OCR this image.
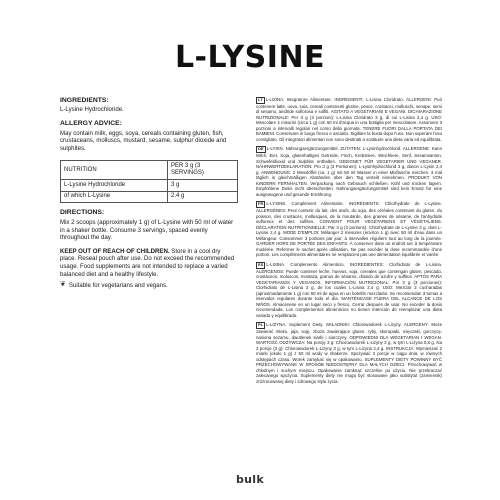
L-LYSINE
INGREDIENTS:

L-Lysine Hydrochloride.

ALLERGY ADVICE:

May contain milk, eggs, soya, cereals containing gluten, fish, crustaceans, molluscs, mustard, sesame, sulphur dioxide and sulphites.

NUTRITION	PER 3 g (3 SERVINGS)
L-Lysine Hydrochloride	3 g
of which L-Lysine	2.4 g
DIRECTIONS:

Mix 2 scoops (approximately 1 g) of L-Lysine with 50 ml of water in a shaker bottle. Consume 3 servings, spaced evenly throughout the day.

KEEP OUT OF REACH OF CHILDREN. Store in a cool dry place. Reseal pouch after use. Do not exceed the recommended usage. Food supplements are not intended to replace a varied balanced diet and a healthy lifestyle.

❦ Suitable for vegetarians and vegans.
LT L-LIZINA. Integratore Alimentare. INGREDIENTI: L-Lisina Cloridrato. ALLERGENI: Può contenere latte, uova, soia, cereali contenenti glutine, pesce, crostacei, molluschi, senape, semi di sesamo, anidride solforosa e solfiti. AGITATO A VEGETARIANI E VEGANI. DICHIARAZIONE NUTRIZIONALE: Per 3 g (3 porzioni): L-Lisina Cloridrato 3 g, di cui L-Lisina 2,4 g. USO: Mescolare 2 misurini (circa 1 g) con 50 ml d'acqua in una bottiglia per mescolatore. Assumere 3 porzioni a intervalli regolari nel corso della giornata. TENERE FUORI DALLA PORTATA DEI BAMBINI. Conservare in luogo fresco e asciutto. Sigillare la busta dopo l'uso. Non superare l'uso consigliato. Gli integratori alimentari non sono destinati a sostituire una dieta varia ed equilibrata.
DE L-LYSIN. Nahrungsergänzungsmittel. ZUTATEN: L-Lysinhydrochlorid. ALLERGENE: Kann Milch, Eier, Soja, glutenhaltiges Getreide, Fisch, Krebstiere, Weichtiere, Senf, Sesamsamen, Schwefeldioxid und Sulphite enthalten. GEEIGNET FÜR VEGETARIER UND VEGANER. NÄHRWERTDEKLARATION: Pro 3 g (3 Portionen): L-Lysinhydrochlorid 3 g, davon L-Lysin 2,4 g. ANWENDUNG: 2 Messlöffel (ca. 1 g) mit 50 ml Wasser in einer Mixflasche mischen. 3 mal täglich in gleichmäßigen Abständen über den Tag verteilt einnehmen. PRODUKT VON KINDERN FERNHALTEN. Verpackung nach Gebrauch schließen. Kühl und trocken lagern. Empfohlene Dosis nicht überschreiten. Nahrungsergänzungsmittel sind kein Ersatz für eine ausgewogene und gesunde Ernährung.
FR L-LYSINE. Complément Alimentaire. INGRÉDIENTS: Chlorhydrate de L-Lysine. ALLERGÈNES: Peut contenir du lait, des œufs, du soja, des céréales contenant du gluten, du poisson, des crustacés, mollusques, de la moutarde, des graines de sésame, de l'anhydride sulfureux et des sulfites. CONVIENT POUR VÉGÉTARIENS ET VÉGÉTALIENS. DÉCLARATION NUTRITIONNELLE: Par 3 g (3 portions): Chlorhydrate de L-Lysine 3 g, dont L-Lysine 2,4 g. MODE D'EMPLOI: Mélanger 2 mesures (environ 1 g) avec 50 ml d'eau dans un Mélangeur. Consommer 3 portions par jour, à intervalles réguliers tout au long de la journée. GARDER HORS DE PORTÉE DES ENFANTS. À conserver dans un endroit sec à température modérée. Refermer le sachet après utilisation. Ne pas excéder la dose recommandée d'une portion. Les compléments alimentaires ne remplacent pas une alimentation équilibrée et variée.
ES L-LISINA. Complemento Alimenticio. INGREDIENTES: Clorhidrato de L-Lisina. ALÉRGENOS: Puede contener leche, huevos, soja, cereales que contengan gluten, pescado, crustáceos, moluscos, mostaza, granos de sésamo, dióxido de azufre y sulfitos. APTOS PARA VEGETARIANOS Y VEGANOS. INFORMACIÓN NUTRICIONAL: Por 3 g (3 porciones): Clorhidrato de L-Lisina 3 g, de los cuales L-Lisina 2,4 g. USO: Mezclar 2 cucharadas (aproximadamente 1 g) con 50 ml de agua en un botellín mezclador. Se recomiendan 3 tomas a intervalos regulares durante todo el día. MANTÉNGASE FUERA DEL ALCANCE DE LOS NIÑOS. Almacénese en un lugar seco y fresco. Cerrar después de usar. No exceder la dosis recomendada. Los complementos alimenticios no tienen intención de reemplazar una dieta variada y equilibrada.
PL L-LIZYNA. Suplement Diety. SKŁADNIKI: Chlorowodorek L-Lizyny. ALERGENY: Może zawierać mleko, jaja, soję, zboża zawierające gluten, ryby, skorupiaki, mięczaki, gorczycę, nasiona sezamu, dwutlenek siarki i siarczyny. ODPOWIEDNI DLA WEGETARIAN I WEGAN. WARTOŚĆ ODŻYWCZA: Na porcję 3 g: Chlorowodorek L-Lizyny 3 g, w tym L-Lizyna 0,8 g. Na 3 porcje (3 g): Chlorowodorek L-Lizyny 3 g, w tym L-Lizyna 2,4 g. INSTRUKCJA: Wymieszać 2 miarki (około 1 g) z 50 ml wody w shakerze. Spożywać 3 porcje w ciągu dnia, w równych odstępach czasu. Worek zamykać się w opakowaniu. SUPLEMENTY DIETY POWINNY BYĆ PRZECHOWYWANE W SPOSÓB NIEDOSTĘPNY DLA MAŁYCH DZIECI. Przechowywać w chłodnym i suchym miejscu. Opakowanie zamknąć szczelnie po użyciu. Nie przekraczać zalecanego spożycia. Suplementy diety nie mogą być stosowane jako substytut (zamiennik) zróżnicowanej diety i zdrowego stylu życia.
bulk
